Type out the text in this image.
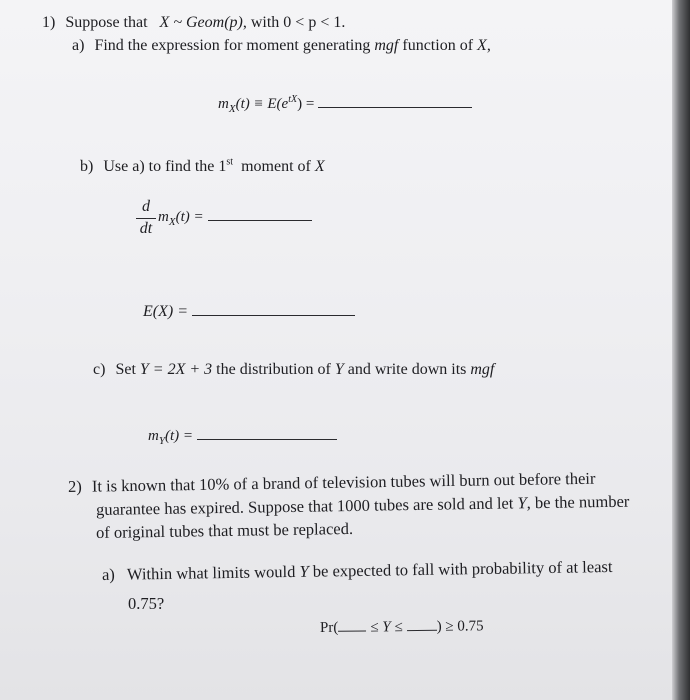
1) Suppose that X ~ Geom(p), with 0 < p < 1.
a) Find the expression for moment generating mgf function of X,
$m_X(t) \equiv E(e^{tX})$ =
b) Use a) to find the 1st moment of X
d
dt
$m_X(t)$ =
E(X) =
c) Set Y = 2X + 3 the distribution of Y and write down its mgf
$m_Y(t)$ =
2) It is known that 10% of a brand of television tubes will burn out before their
guarantee has expired. Suppose that 1000 tubes are sold and let Y, be the number
of original tubes that must be replaced.
a) Within what limits would Y be expected to fall with probability of at least
0.75?
Pr( ≤ Y ≤ ) ≥ 0.75
